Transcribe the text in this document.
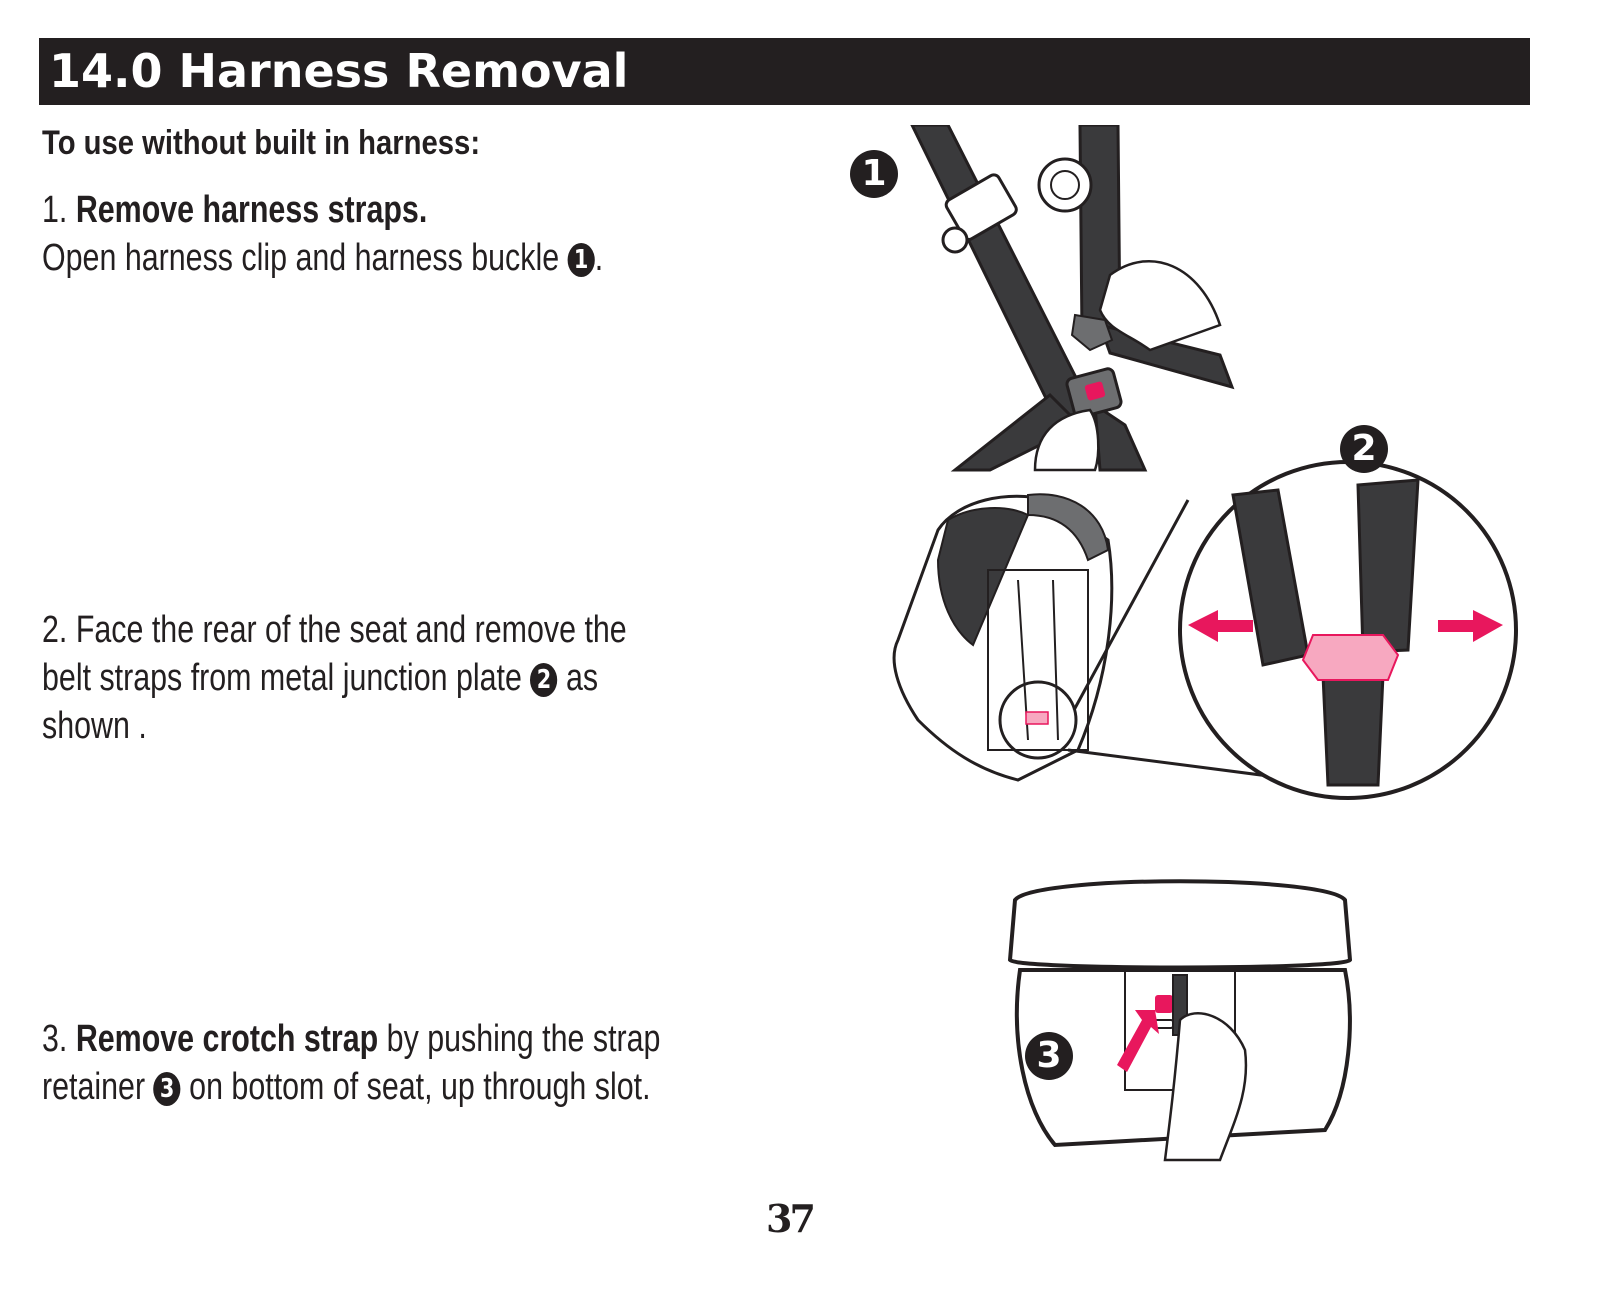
14.0 Harness Removal
To use without built in harness:
1. Remove harness straps.
Open harness clip and harness buckle 1 .
2. Face the rear of the seat and remove the
belt straps from metal junction plate 2 as
shown .
3. Remove crotch strap by pushing the strap
retainer 3 on bottom of seat, up through slot.
1
2
3
37
